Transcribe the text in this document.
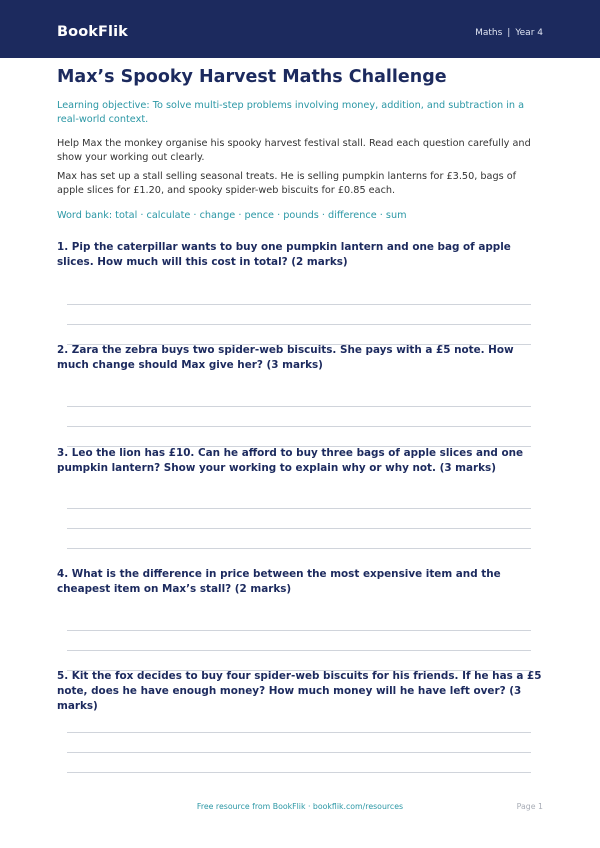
BookFlik	Maths | Year 4
Max’s Spooky Harvest Maths Challenge

Learning objective: To solve multi-step problems involving money, addition, and subtraction in a real-world context.

Help Max the monkey organise his spooky harvest festival stall. Read each question carefully and show your working out clearly.

Max has set up a stall selling seasonal treats. He is selling pumpkin lanterns for £3.50, bags of apple slices for £1.20, and spooky spider-web biscuits for £0.85 each.

Word bank: total · calculate · change · pence · pounds · difference · sum

1. Pip the caterpillar wants to buy one pumpkin lantern and one bag of apple slices. How much will this cost in total? (2 marks)

2. Zara the zebra buys two spider-web biscuits. She pays with a £5 note. How much change should Max give her? (3 marks)

3. Leo the lion has £10. Can he afford to buy three bags of apple slices and one pumpkin lantern? Show your working to explain why or why not. (3 marks)

4. What is the difference in price between the most expensive item and the cheapest item on Max’s stall? (2 marks)

5. Kit the fox decides to buy four spider-web biscuits for his friends. If he has a £5 note, does he have enough money? How much money will he have left over? (3 marks)

Free resource from BookFlik · bookflik.com/resources	Page 1
